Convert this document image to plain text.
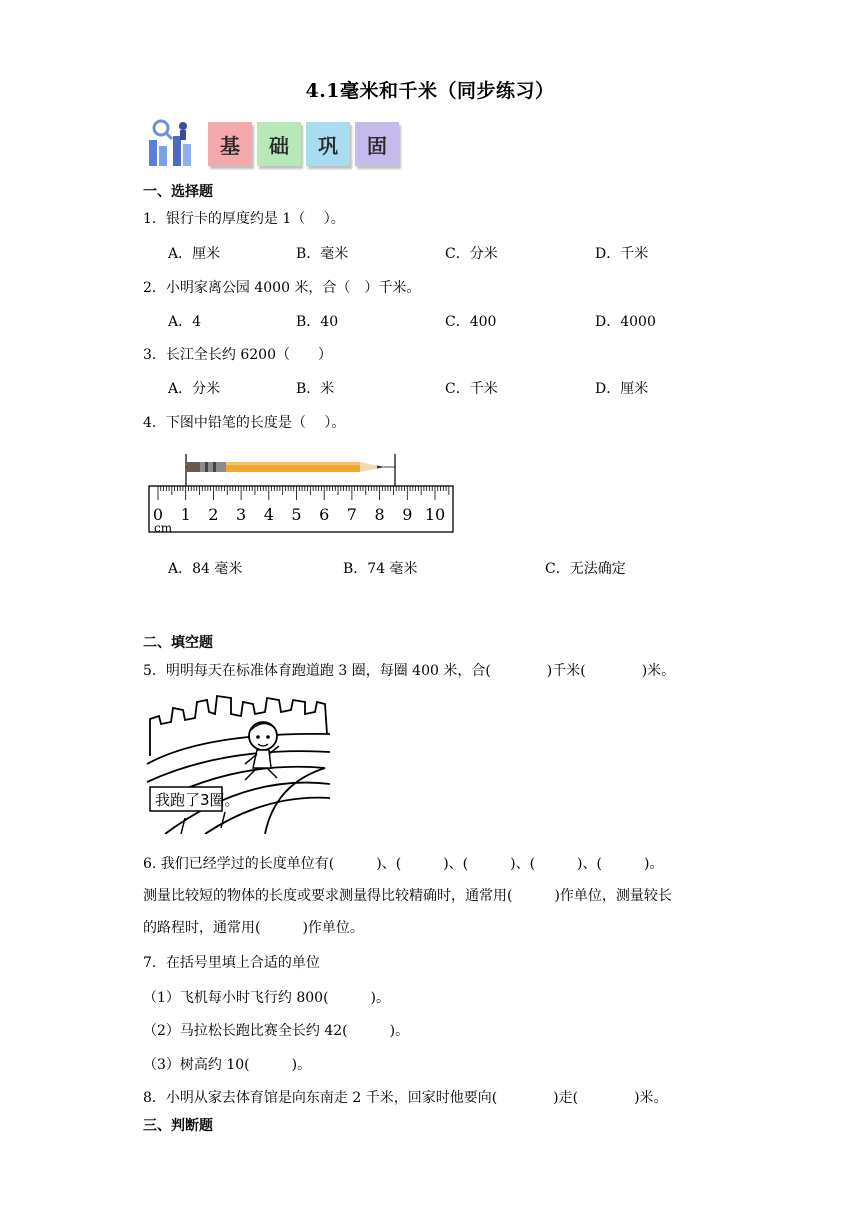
4.1毫米和千米（同步练习）
基	础	巩	固
一、选择题
1．银行卡的厚度约是 1（　 ）。
A．厘米	B．毫米	C．分米	D．千米
2．小明家离公园 4000 米，合（　）千米。
A．4	B．40	C．400	D．4000
3．长江全长约 6200（　　）
A．分米	B．米	C．千米	D．厘米
4．下图中铅笔的长度是（　 ）。
0 1 2 3 4 5 6 7 8 9 10
cm
A．84 毫米	B．74 毫米	C．无法确定
二、填空题
5．明明每天在标准体育跑道跑 3 圈，每圈 400 米，合(　　　　)千米(　　　　)米。
我跑了3圈。
6. 我们已经学过的长度单位有(　　　)、(　　　)、(　　　)、(　　　)、(　　　)。
测量比较短的物体的长度或要求测量得比较精确时，通常用(　　　)作单位，测量较长
的路程时，通常用(　　　)作单位。
7．在括号里填上合适的单位
（1）飞机每小时飞行约 800(　　　)。
（2）马拉松长跑比赛全长约 42(　　　)。
（3）树高约 10(　　　)。
8．小明从家去体育馆是向东南走 2 千米，回家时他要向(　　　　)走(　　　　)米。
三、判断题
